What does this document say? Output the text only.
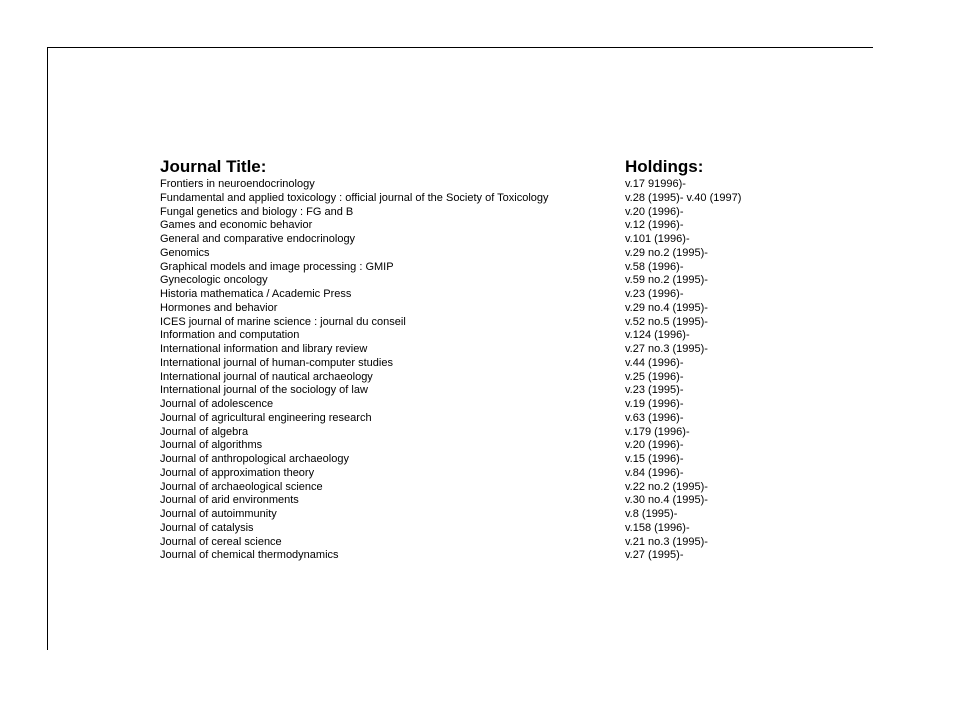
Journal Title:	Holdings:
Frontiers in neuroendocrinology	v.17 91996)-
Fundamental and applied toxicology : official journal of the Society of Toxicology	v.28 (1995)- v.40 (1997)
Fungal genetics and biology : FG and B	v.20 (1996)-
Games and economic behavior	v.12 (1996)-
General and comparative endocrinology	v.101 (1996)-
Genomics	v.29 no.2 (1995)-
Graphical models and image processing : GMIP	v.58 (1996)-
Gynecologic oncology	v.59 no.2 (1995)-
Historia mathematica / Academic Press	v.23 (1996)-
Hormones and behavior	v.29 no.4 (1995)-
ICES journal of marine science : journal du conseil	v.52 no.5 (1995)-
Information and computation	v.124 (1996)-
International information and library review	v.27 no.3 (1995)-
International journal of human-computer studies	v.44 (1996)-
International journal of nautical archaeology	v.25 (1996)-
International journal of the sociology of law	v.23 (1995)-
Journal of adolescence	v.19 (1996)-
Journal of agricultural engineering research	v.63 (1996)-
Journal of algebra	v.179 (1996)-
Journal of algorithms	v.20 (1996)-
Journal of anthropological archaeology	v.15 (1996)-
Journal of approximation theory	v.84 (1996)-
Journal of archaeological science	v.22 no.2 (1995)-
Journal of arid environments	v.30 no.4 (1995)-
Journal of autoimmunity	v.8 (1995)-
Journal of catalysis	v.158 (1996)-
Journal of cereal science	v.21 no.3 (1995)-
Journal of chemical thermodynamics	v.27 (1995)-
